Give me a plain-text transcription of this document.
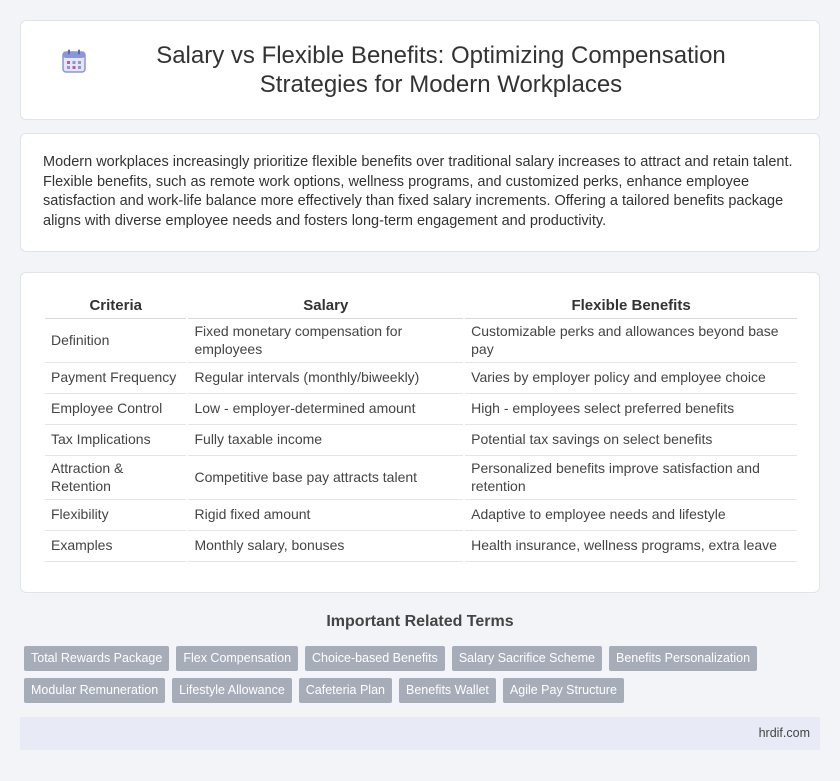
Salary vs Flexible Benefits: Optimizing Compensation Strategies for Modern Workplaces

Modern workplaces increasingly prioritize flexible benefits over traditional salary increases to attract and retain talent. Flexible benefits, such as remote work options, wellness programs, and customized perks, enhance employee satisfaction and work-life balance more effectively than fixed salary increments. Offering a tailored benefits package aligns with diverse employee needs and fosters long-term engagement and productivity.

Criteria	Salary	Flexible Benefits
Definition	Fixed monetary compensation for employees	Customizable perks and allowances beyond base pay
Payment Frequency	Regular intervals (monthly/biweekly)	Varies by employer policy and employee choice
Employee Control	Low - employer-determined amount	High - employees select preferred benefits
Tax Implications	Fully taxable income	Potential tax savings on select benefits
Attraction & Retention	Competitive base pay attracts talent	Personalized benefits improve satisfaction and retention
Flexibility	Rigid fixed amount	Adaptive to employee needs and lifestyle
Examples	Monthly salary, bonuses	Health insurance, wellness programs, extra leave
Important Related Terms
Total Rewards Package	Flex Compensation	Choice-based Benefits	Salary Sacrifice Scheme	Benefits Personalization
Modular Remuneration	Lifestyle Allowance	Cafeteria Plan	Benefits Wallet	Agile Pay Structure
hrdif.com
